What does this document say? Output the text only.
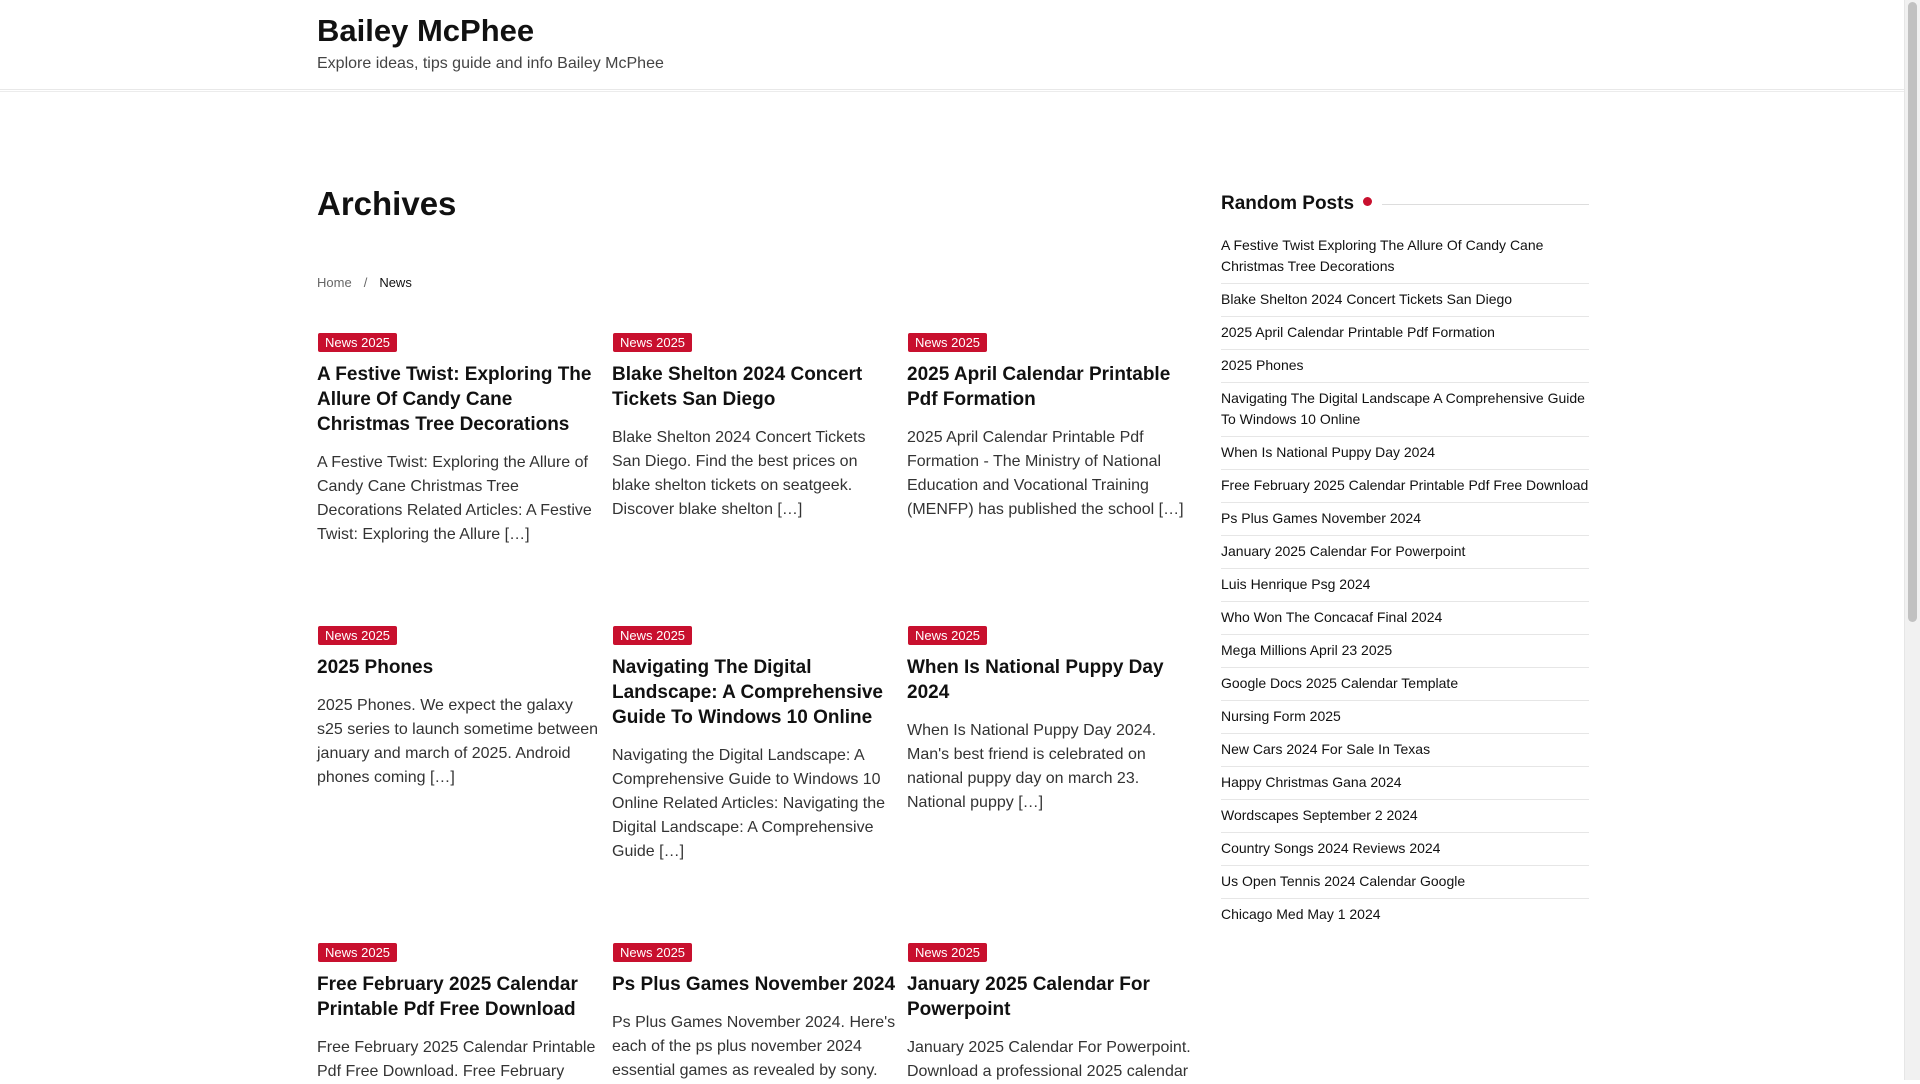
Bailey McPhee
Explore ideas, tips guide and info Bailey McPhee
Archives
Home / News
News 2025
A Festive Twist: Exploring The Allure Of Candy Cane Christmas Tree Decorations

A Festive Twist: Exploring the Allure of Candy Cane Christmas Tree Decorations Related Articles: A Festive Twist: Exploring the Allure […]

News 2025
Blake Shelton 2024 Concert Tickets San Diego

Blake Shelton 2024 Concert Tickets San Diego. Find the best prices on blake shelton tickets on seatgeek. Discover blake shelton […]

News 2025
2025 April Calendar Printable Pdf Formation

2025 April Calendar Printable Pdf Formation - The Ministry of National Education and Vocational Training (MENFP) has published the school […]

News 2025
2025 Phones

2025 Phones. We expect the galaxy s25 series to launch sometime between january and march of 2025. Android phones coming […]

News 2025
Navigating The Digital Landscape: A Comprehensive Guide To Windows 10 Online

Navigating the Digital Landscape: A Comprehensive Guide to Windows 10 Online Related Articles: Navigating the Digital Landscape: A Comprehensive Guide […]

News 2025
When Is National Puppy Day 2024

When Is National Puppy Day 2024. Man's best friend is celebrated on national puppy day on march 23. National puppy […]

News 2025
Free February 2025 Calendar Printable Pdf Free Download

Free February 2025 Calendar Printable Pdf Free Download. Free February

News 2025
Ps Plus Games November 2024

Ps Plus Games November 2024. Here's each of the ps plus november 2024 essential games as revealed by sony.

News 2025
January 2025 Calendar For Powerpoint

January 2025 Calendar For Powerpoint. Download a professional 2025 calendar

Random Posts
A Festive Twist Exploring The Allure Of Candy Cane Christmas Tree Decorations
Blake Shelton 2024 Concert Tickets San Diego
2025 April Calendar Printable Pdf Formation
2025 Phones
Navigating The Digital Landscape A Comprehensive Guide To Windows 10 Online
When Is National Puppy Day 2024
Free February 2025 Calendar Printable Pdf Free Download
Ps Plus Games November 2024
January 2025 Calendar For Powerpoint
Luis Henrique Psg 2024
Who Won The Concacaf Final 2024
Mega Millions April 23 2025
Google Docs 2025 Calendar Template
Nursing Form 2025
New Cars 2024 For Sale In Texas
Happy Christmas Gana 2024
Wordscapes September 2 2024
Country Songs 2024 Reviews 2024
Us Open Tennis 2024 Calendar Google
Chicago Med May 1 2024
